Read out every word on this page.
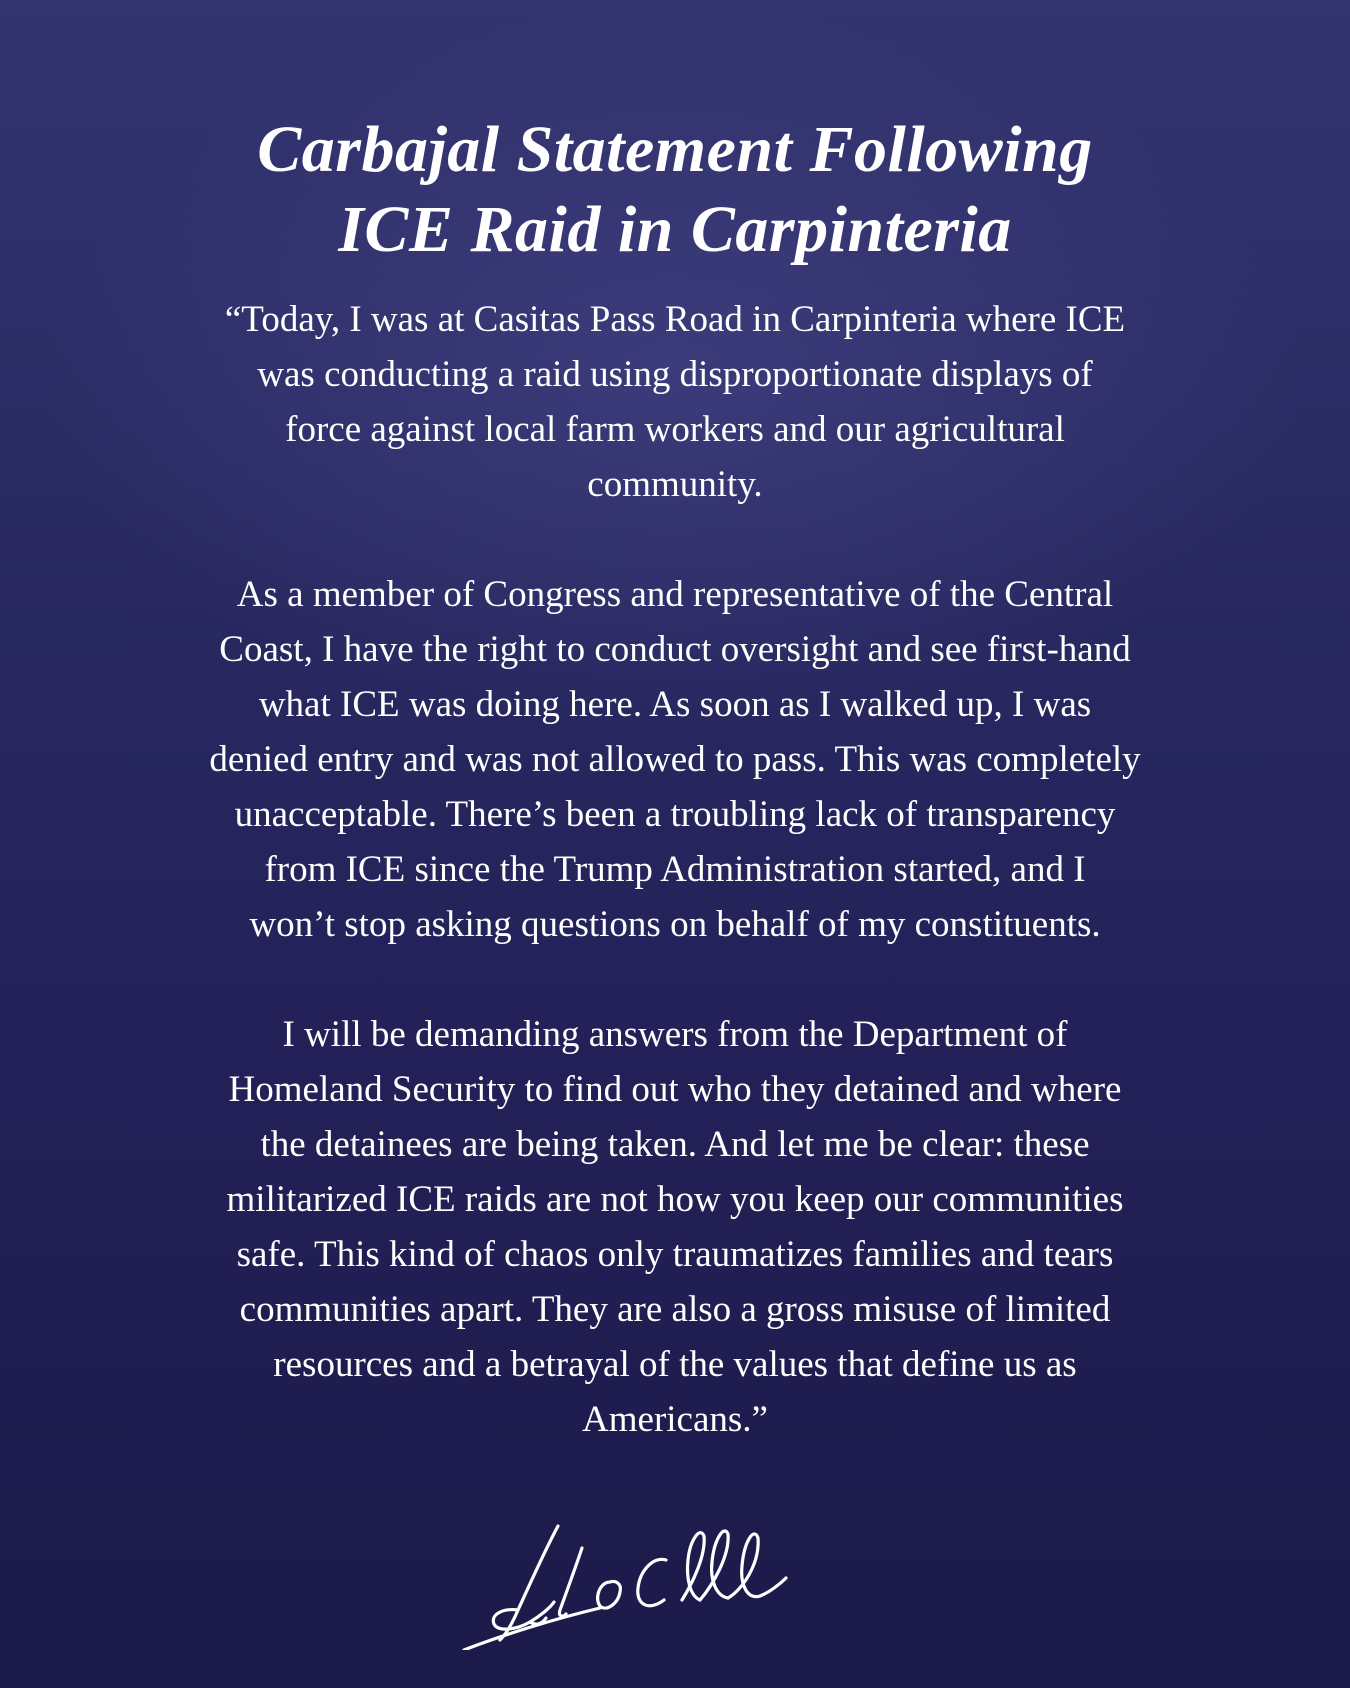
Carbajal Statement Following
ICE Raid in Carpinteria
“Today, I was at Casitas Pass Road in Carpinteria where ICE
was conducting a raid using disproportionate displays of
force against local farm workers and our agricultural
community.
As a member of Congress and representative of the Central
Coast, I have the right to conduct oversight and see first-hand
what ICE was doing here. As soon as I walked up, I was
denied entry and was not allowed to pass. This was completely
unacceptable. There’s been a troubling lack of transparency
from ICE since the Trump Administration started, and I
won’t stop asking questions on behalf of my constituents.
I will be demanding answers from the Department of
Homeland Security to find out who they detained and where
the detainees are being taken. And let me be clear: these
militarized ICE raids are not how you keep our communities
safe. This kind of chaos only traumatizes families and tears
communities apart. They are also a gross misuse of limited
resources and a betrayal of the values that define us as
Americans.”
